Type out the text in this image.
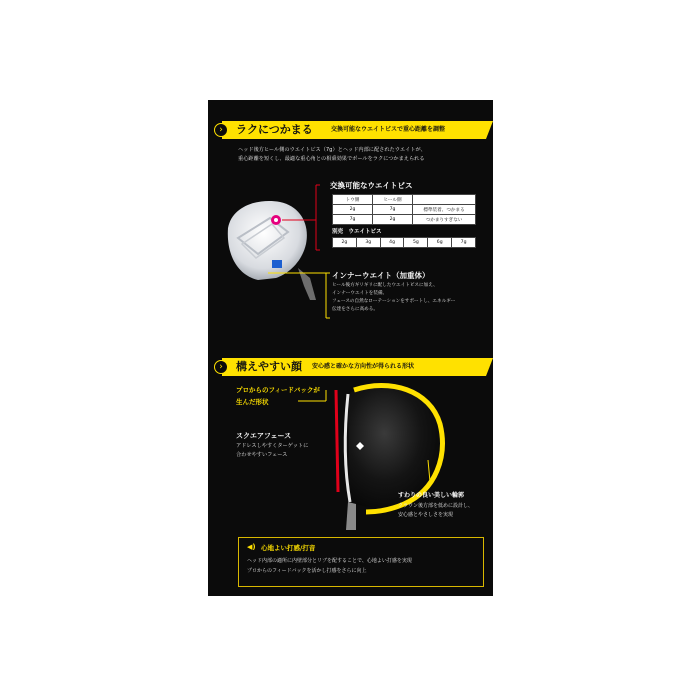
›	ラクにつかまる	交換可能なウエイトビスで重心距離を調整
ヘッド後方ヒール側のウエイトビス（7g）とヘッド内部に配されたウエイトが、
重心距離を短くし、最適な重心角との相乗効果でボールをラクにつかまえられる
交換可能なウエイトビス
トウ側	ヒール側	
2g	7g	標準装着、つかまる
7g	2g	つかまりすぎない
別売　ウエイトビス
2g	3g	4g	5g	6g	7g
インナーウエイト（加重体）
ヒール後方ギリギリに配したウエイトビスに加え、
インナーウエイトを装備。
フェースの自然なローテーションをサポートし、エネルギー
伝達をさらに高める。
›	構えやすい顔 安心感と確かな方向性が得られる形状
プロからのフィードバックが
生んだ形状
スクエアフェース
アドレスしやすくターゲットに
合わせやすいフェース
すわりの良い美しい輪郭
クラウン後方部を低めに設計し、
安心感とやさしさを実現
◀) 心地よい打感/打音
ヘッド内部の適所に内壁部分とリブを配することで、心地よい打感を実現
プロからのフィードバックを活かし打感をさらに向上
